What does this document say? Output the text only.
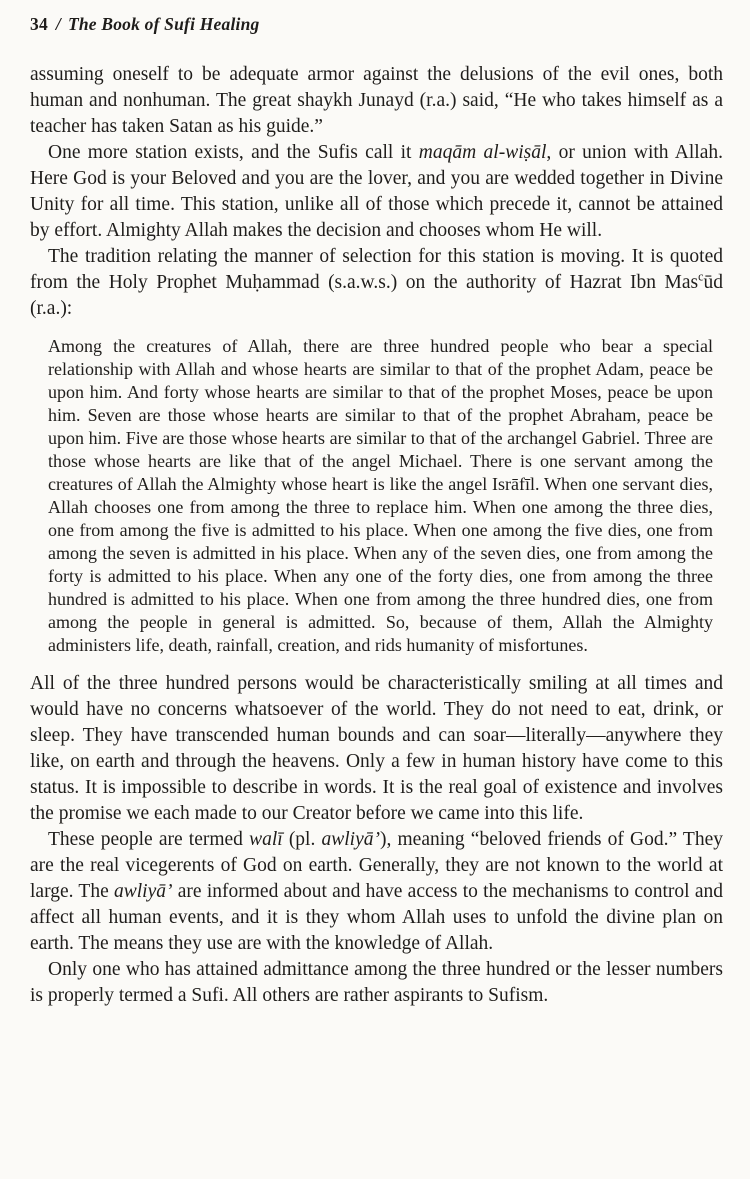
34 / The Book of Sufi Healing

assuming oneself to be adequate armor against the delusions of the evil ones, both human and nonhuman. The great shaykh Junayd (r.a.) said, “He who takes himself as a teacher has taken Satan as his guide.”

One more station exists, and the Sufis call it maqām al-wiṣāl, or union with Allah. Here God is your Beloved and you are the lover, and you are wedded together in Divine Unity for all time. This station, unlike all of those which precede it, cannot be attained by effort. Almighty Allah makes the decision and chooses whom He will.

The tradition relating the manner of selection for this station is moving. It is quoted from the Holy Prophet Muḥammad (s.a.w.s.) on the authority of Hazrat Ibn Mas$^c$ūd (r.a.):

Among the creatures of Allah, there are three hundred people who bear a special relationship with Allah and whose hearts are similar to that of the prophet Adam, peace be upon him. And forty whose hearts are similar to that of the prophet Moses, peace be upon him. Seven are those whose hearts are similar to that of the prophet Abraham, peace be upon him. Five are those whose hearts are similar to that of the archangel Gabriel. Three are those whose hearts are like that of the angel Michael. There is one servant among the creatures of Allah the Almighty whose heart is like the angel Isrāfīl. When one servant dies, Allah chooses one from among the three to replace him. When one among the three dies, one from among the five is admitted to his place. When one among the five dies, one from among the seven is admitted in his place. When any of the seven dies, one from among the forty is admitted to his place. When any one of the forty dies, one from among the three hundred is admitted to his place. When one from among the three hundred dies, one from among the people in general is admitted. So, because of them, Allah the Almighty administers life, death, rainfall, creation, and rids humanity of misfortunes.

All of the three hundred persons would be characteristically smiling at all times and would have no concerns whatsoever of the world. They do not need to eat, drink, or sleep. They have transcended human bounds and can soar—literally—anywhere they like, on earth and through the heavens. Only a few in human history have come to this status. It is impossible to describe in words. It is the real goal of existence and involves the promise we each made to our Creator before we came into this life.

These people are termed walī (pl. awliyā’), meaning “beloved friends of God.” They are the real vicegerents of God on earth. Generally, they are not known to the world at large. The awliyā’ are informed about and have access to the mechanisms to control and affect all human events, and it is they whom Allah uses to unfold the divine plan on earth. The means they use are with the knowledge of Allah.

Only one who has attained admittance among the three hundred or the lesser numbers is properly termed a Sufi. All others are rather aspirants to Sufism.
